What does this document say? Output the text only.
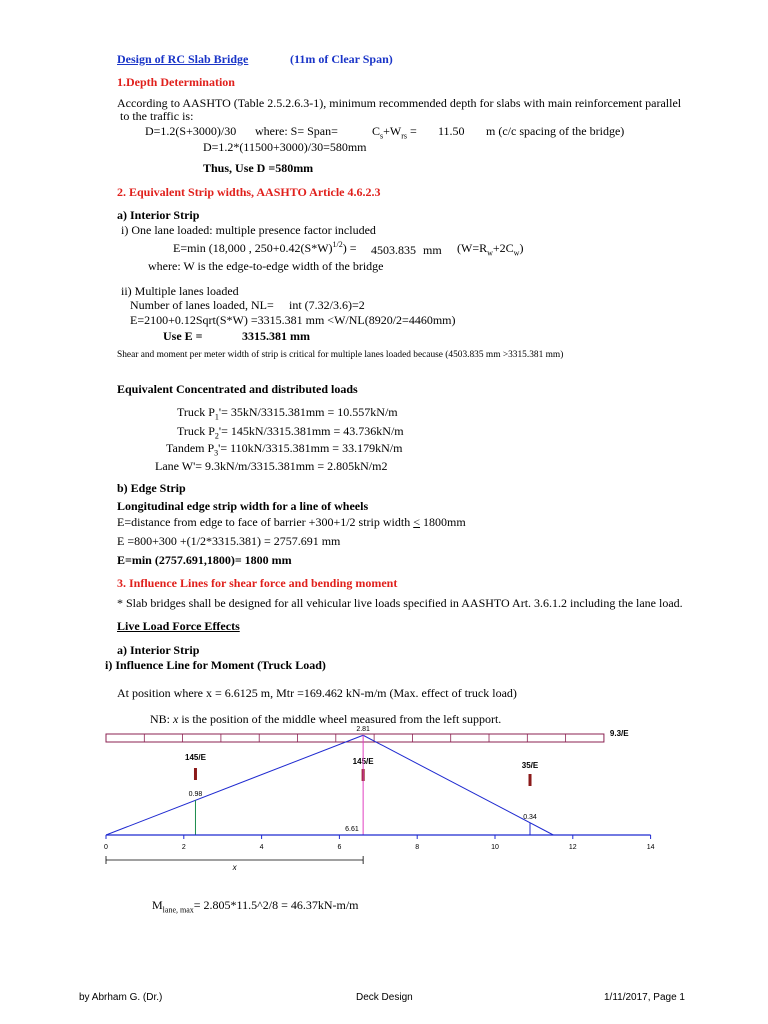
Design of RC Slab Bridge	(11m of Clear Span)
1.Depth Determination
According to AASHTO (Table 2.5.2.6.3-1), minimum recommended depth for slabs with main reinforcement parallel
to the traffic is:
D=1.2(S+3000)/30 where: S= Span=	$C_s+W_{rs} = 11.50$ m (c/c spacing of the bridge)
D=1.2*(11500+3000)/30=580mm
Thus, Use D =580mm
2. Equivalent Strip widths, AASHTO Article 4.6.2.3
a) Interior Strip
i) One lane loaded: multiple presence factor included
E=min (18,000 , $250+0.42(S*W)^{1/2}) = 4503.835$ mm $(W=R_w+2C_w)$
where: W is the edge-to-edge width of the bridge
ii) Multiple lanes loaded
Number of lanes loaded, NL= int (7.32/3.6)=2
E=2100+0.12Sqrt(S*W) =3315.381 mm <W/NL(8920/2=4460mm)
Use E =	3315.381 mm
Shear and moment per meter width of strip is critical for multiple lanes loaded because (4503.835 mm >3315.381 mm)
Equivalent Concentrated and distributed loads
Truck $P_1'= 35kN/3315.381mm = 10.557kN/m$
Truck $P_2'= 145kN/3315.381mm = 43.736kN/m$
Tandem $P_3'= 110kN/3315.381mm = 33.179kN/m$
Lane W'= 9.3kN/m/3315.381mm = 2.805kN/m2
b) Edge Strip
Longitudinal edge strip width for a line of wheels
E=distance from edge to face of barrier +300+1/2 strip width < 1800mm
E =800+300 +(1/2*3315.381) = 2757.691 mm
E=min (2757.691,1800)= 1800 mm
3. Influence Lines for shear force and bending moment
* Slab bridges shall be designed for all vehicular live loads specified in AASHTO Art. 3.6.1.2 including the lane load.
Live Load Force Effects
a) Interior Strip
i) Influence Line for Moment (Truck Load)
At position where x = 6.6125 m, Mtr =169.462 kN-m/m (Max. effect of truck load)
NB: x is the position of the middle wheel measured from the left support.
9.3/E
145/E	145/E	35/E
0.98
2.81
0.34
6.61
0	2	4	6	8	10	12	14
x
$M_{lane, max}=$ 2.805*11.5^2/8 = 46.37kN-m/m
by Abrham G. (Dr.)	Deck Design	1/11/2017, Page 1
